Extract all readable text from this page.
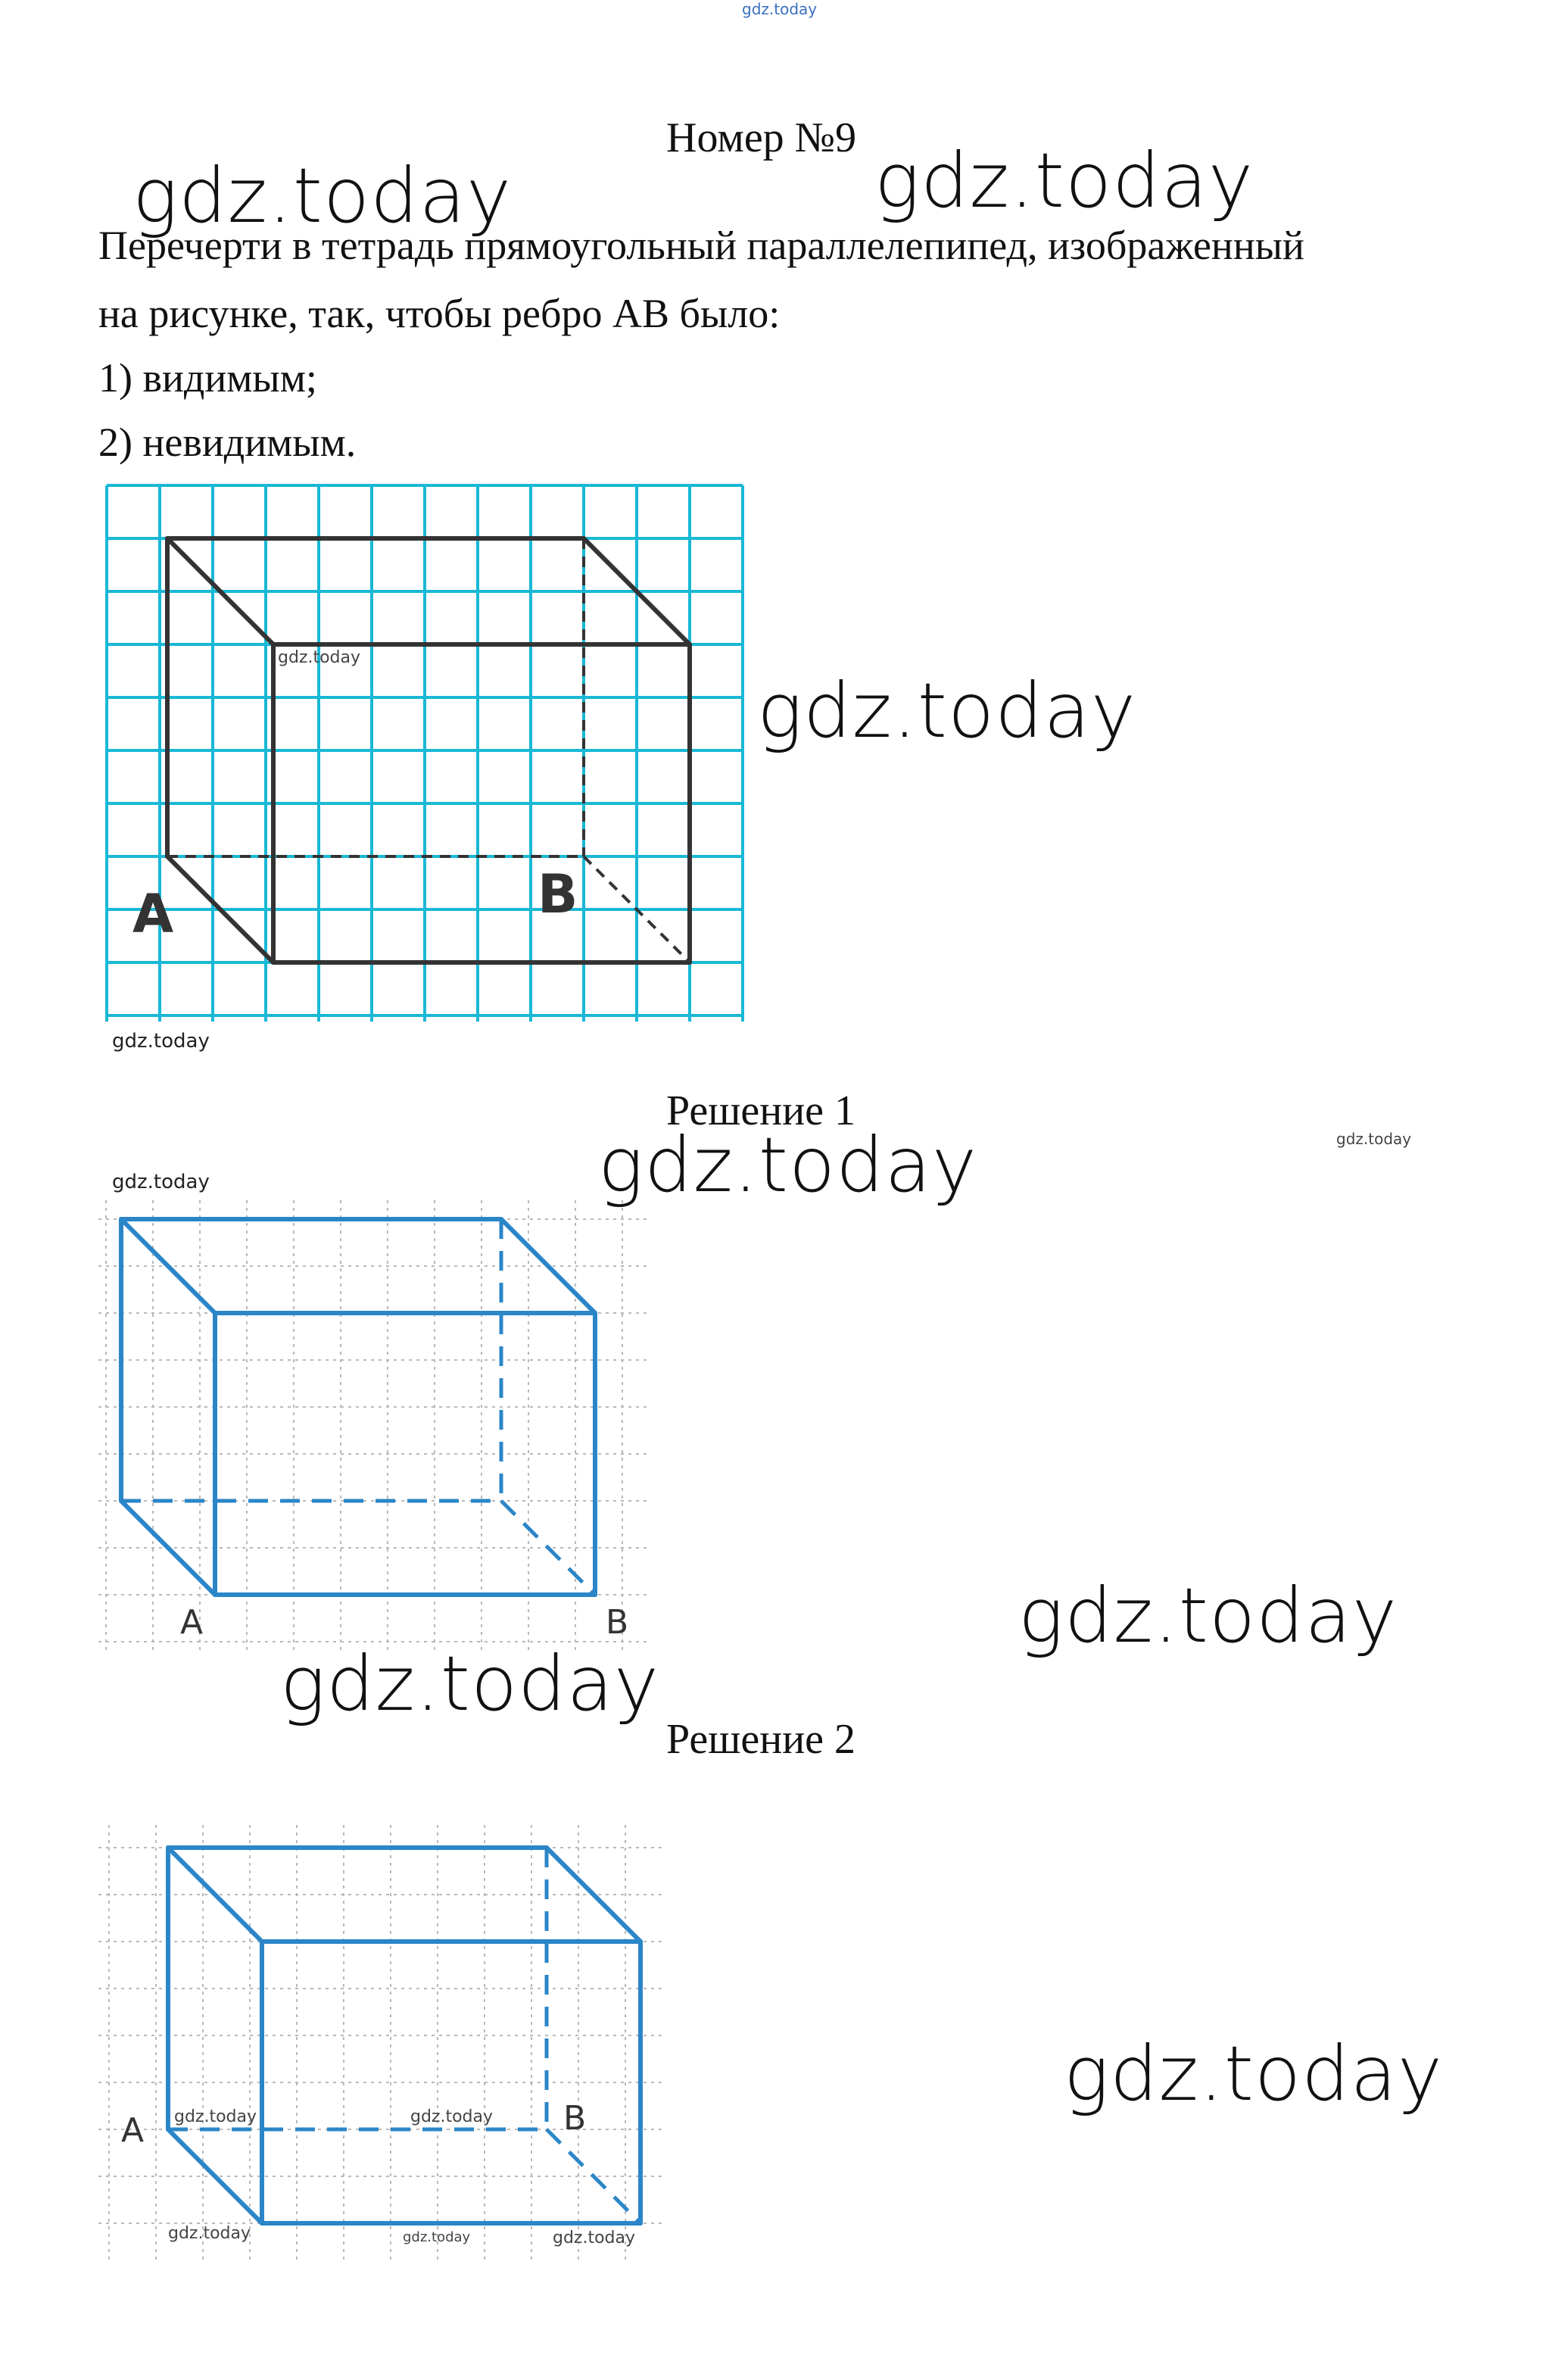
gdz.today
Номер №9
gdz.today	gdz.today
Перечерти в тетрадь прямоугольный параллелепипед, изображенный
на рисунке, так, чтобы ребро AB было:
1) видимым;
2) невидимым.
A	B
gdz.today
gdz.today
gdz.today
Решение 1
gdz.today	gdz.today
gdz.today
A	B	gdz.today
gdz.today
Решение 2
A	B
gdz.today	gdz.today
gdz.today	gdz.today	gdz.today
gdz.today
